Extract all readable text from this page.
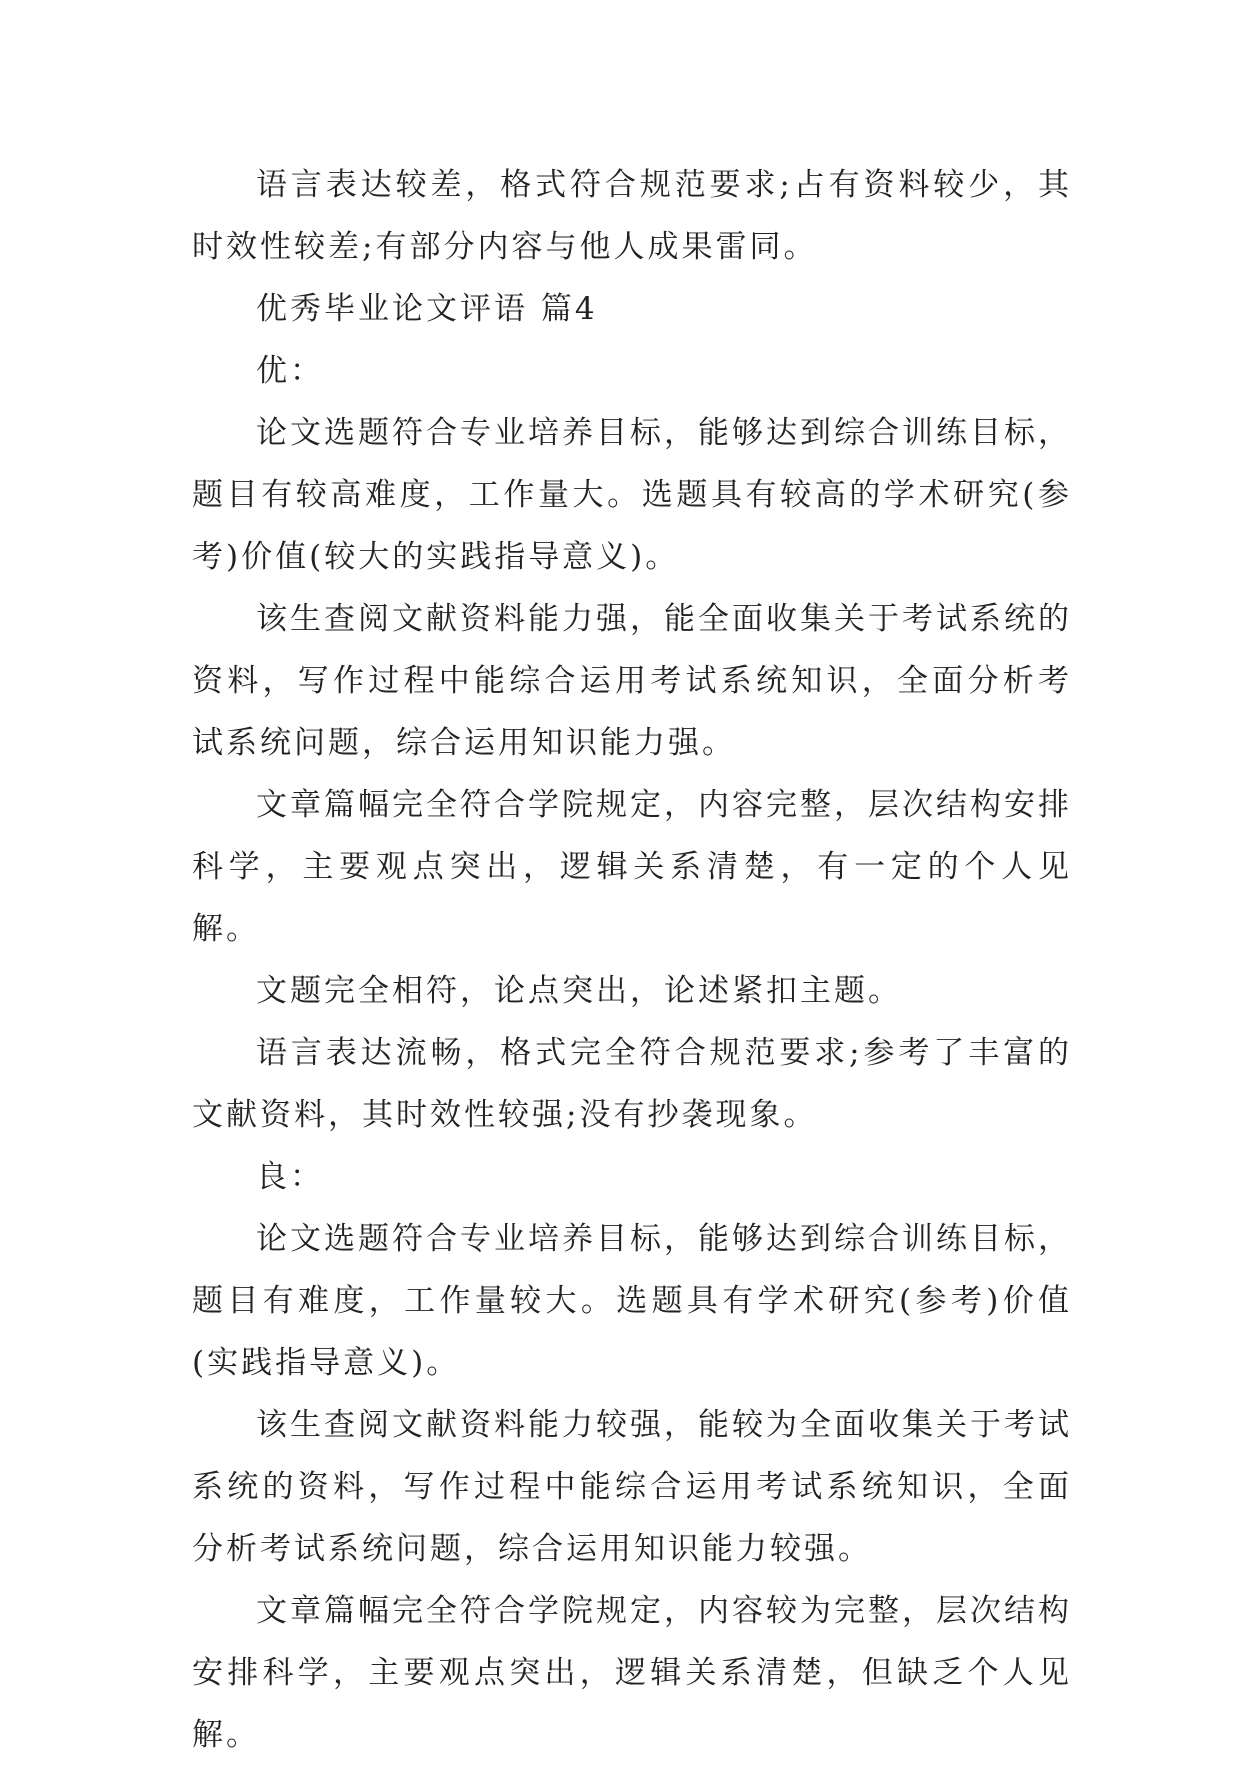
语言表达较差，格式符合规范要求;占有资料较少，其时效性较差;有部分内容与他人成果雷同。

优秀毕业论文评语 篇4

优：

论文选题符合专业培养目标，能够达到综合训练目标，题目有较高难度，工作量大。选题具有较高的学术研究(参考)价值(较大的实践指导意义)。

该生查阅文献资料能力强，能全面收集关于考试系统的资料，写作过程中能综合运用考试系统知识，全面分析考试系统问题，综合运用知识能力强。

文章篇幅完全符合学院规定，内容完整，层次结构安排科学，主要观点突出，逻辑关系清楚，有一定的个人见解。

文题完全相符，论点突出，论述紧扣主题。

语言表达流畅，格式完全符合规范要求;参考了丰富的文献资料，其时效性较强;没有抄袭现象。

良：

论文选题符合专业培养目标，能够达到综合训练目标，题目有难度，工作量较大。选题具有学术研究(参考)价值(实践指导意义)。

该生查阅文献资料能力较强，能较为全面收集关于考试系统的资料，写作过程中能综合运用考试系统知识，全面分析考试系统问题，综合运用知识能力较强。

文章篇幅完全符合学院规定，内容较为完整，层次结构安排科学，主要观点突出，逻辑关系清楚，但缺乏个人见解。
